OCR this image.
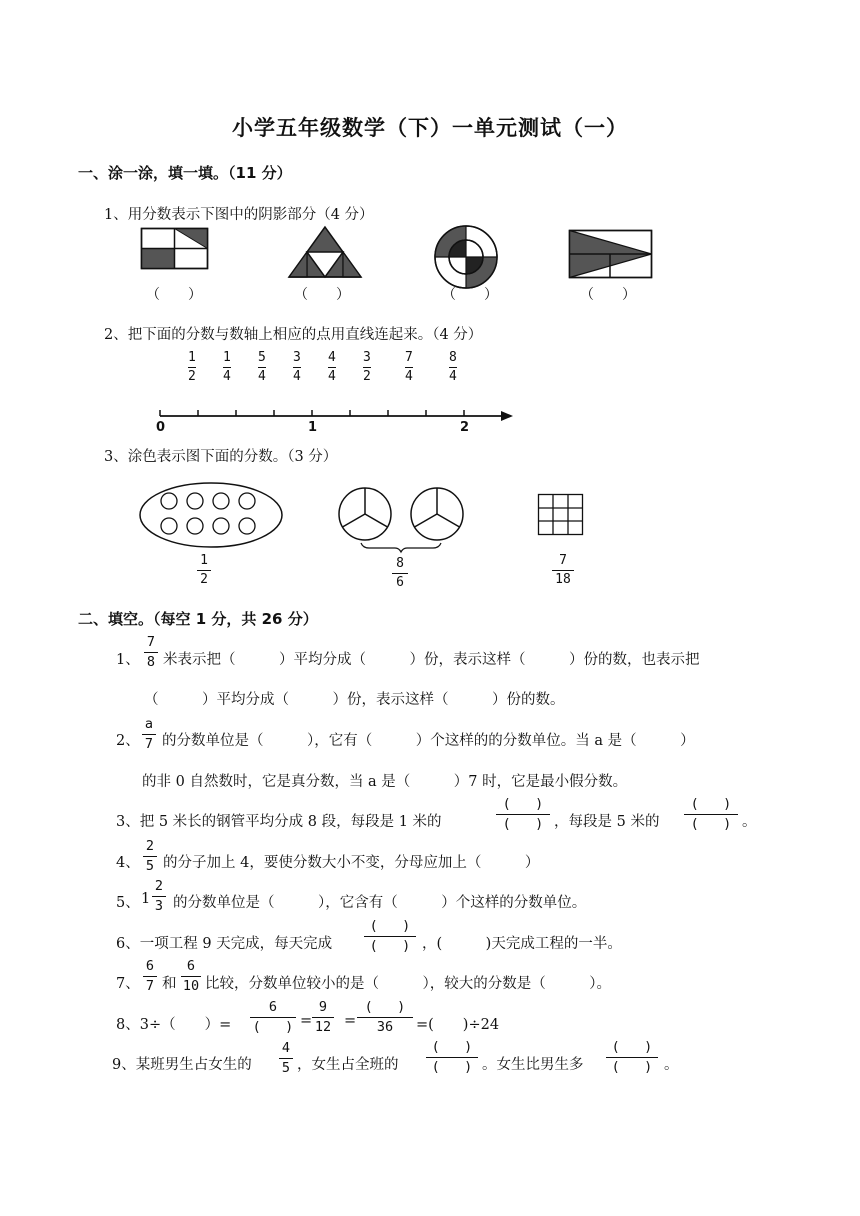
小学五年级数学（下）一单元测试（一）
一、涂一涂，填一填。（11 分）
1、用分数表示下图中的阴影部分（4 分）
（　　）	（　　）	（　　）	（　　）
2、把下面的分数与数轴上相应的点用直线连起来。（4 分）
1
2
1
4
5
4
3
4
4
4
3
2
7
4
8
4
0	1	2
3、涂色表示图下面的分数。（3 分）
1
2
8
6
7
18
二、填空。（每空 1 分，共 26 分）
1、
7
8 米表示把（　　　）平均分成（　　　）份，表示这样（　　　）份的数，也表示把
（　　　）平均分成（　　　）份，表示这样（　　　）份的数。
2、
a
7 的分数单位是（　　　），它有（　　　）个这样的的分数单位。当 a 是（　　　）
的非 0 自然数时，它是真分数，当 a 是（　　　）7 时，它是最小假分数。
3、把 5 米长的钢管平均分成 8 段，每段是 1 米的
(   )
(   ) ，每段是 5 米的
(   )
(   ) 。
4、
2
5 的分子加上 4，要使分数大小不变，分母应加上（　　　）
5、 1
2
3 的分数单位是（　　　），它含有（　　　）个这样的分数单位。
6、一项工程 9 天完成，每天完成
(   )
(   ) ，(　　　)天完成工程的一半。
7、
6
7 和
6
10 比较，分数单位较小的是（　　　），较大的分数是（　　　）。
8、3÷（　　）=
6
(   ) =
9
12 =
(   )
36 =(　　)÷24
9、某班男生占女生的
4
5 ，女生占全班的
(   )
(   ) 。女生比男生多
(   )
(   ) 。
